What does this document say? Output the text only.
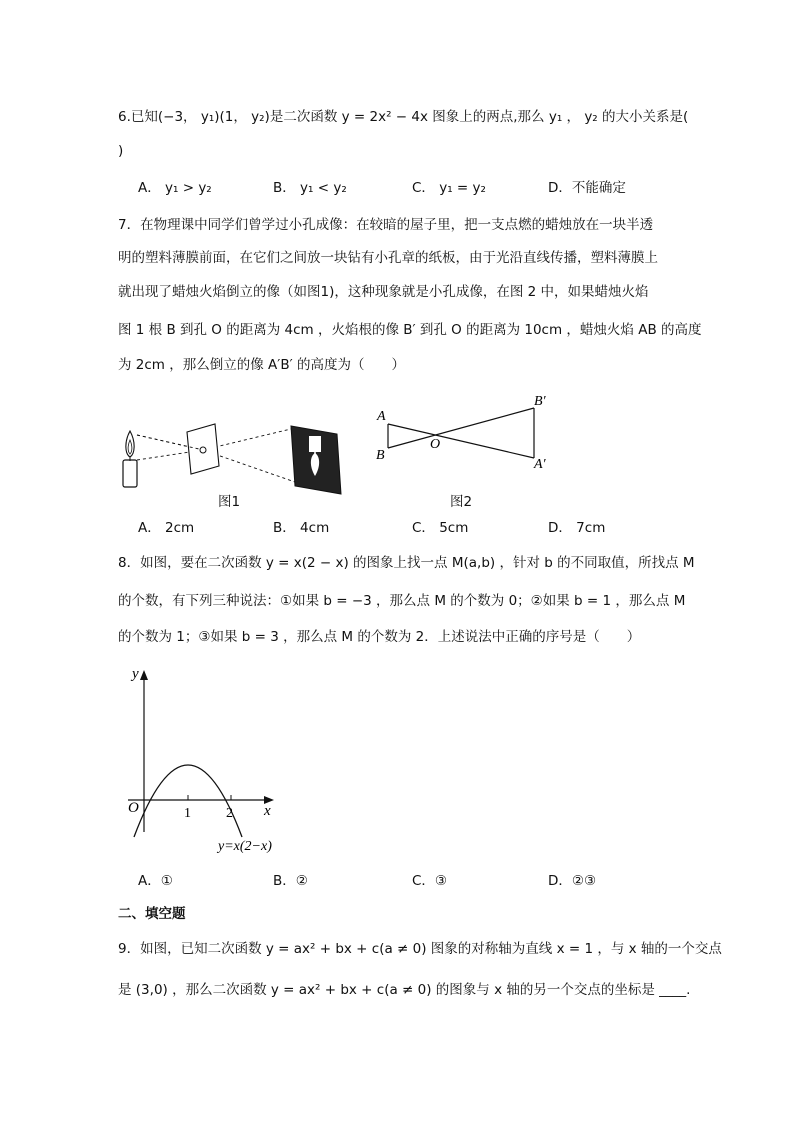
6.已知(−3， y₁)(1， y₂)是二次函数 y = 2x² − 4x 图象上的两点,那么 y₁ ， y₂ 的大小关系是(
)
A． y₁ > y₂	B． y₁ < y₂	C． y₁ = y₂	D．不能确定
7．在物理课中同学们曾学过小孔成像：在较暗的屋子里，把一支点燃的蜡烛放在一块半透
明的塑料薄膜前面，在它们之间放一块钻有小孔章的纸板，由于光沿直线传播，塑料薄膜上
就出现了蜡烛火焰倒立的像（如图1)，这种现象就是小孔成像，在图 2 中，如果蜡烛火焰
图 1 根 B 到孔 O 的距离为 4cm ，火焰根的像 B′ 到孔 O 的距离为 10cm ，蜡烛火焰 AB 的高度
为 2cm ，那么倒立的像 A′B′ 的高度为（　　）
图1
A
B
O
B′
A′
图2
A． 2cm	B． 4cm	C． 5cm	D． 7cm
8．如图，要在二次函数 y = x(2 − x) 的图象上找一点 M(a,b) ，针对 b 的不同取值，所找点 M
的个数，有下列三种说法：①如果 b = −3 ，那么点 M 的个数为 0；②如果 b = 1 ，那么点 M
的个数为 1；③如果 b = 3 ，那么点 M 的个数为 2．上述说法中正确的序号是（　　）
y
x
O	1	2
y=x(2−x)
A．①	B．②	C．③	D．②③
二、填空题
9．如图，已知二次函数 y = ax² + bx + c(a ≠ 0) 图象的对称轴为直线 x = 1 ，与 x 轴的一个交点
是 (3,0) ，那么二次函数 y = ax² + bx + c(a ≠ 0) 的图象与 x 轴的另一个交点的坐标是 ____.
